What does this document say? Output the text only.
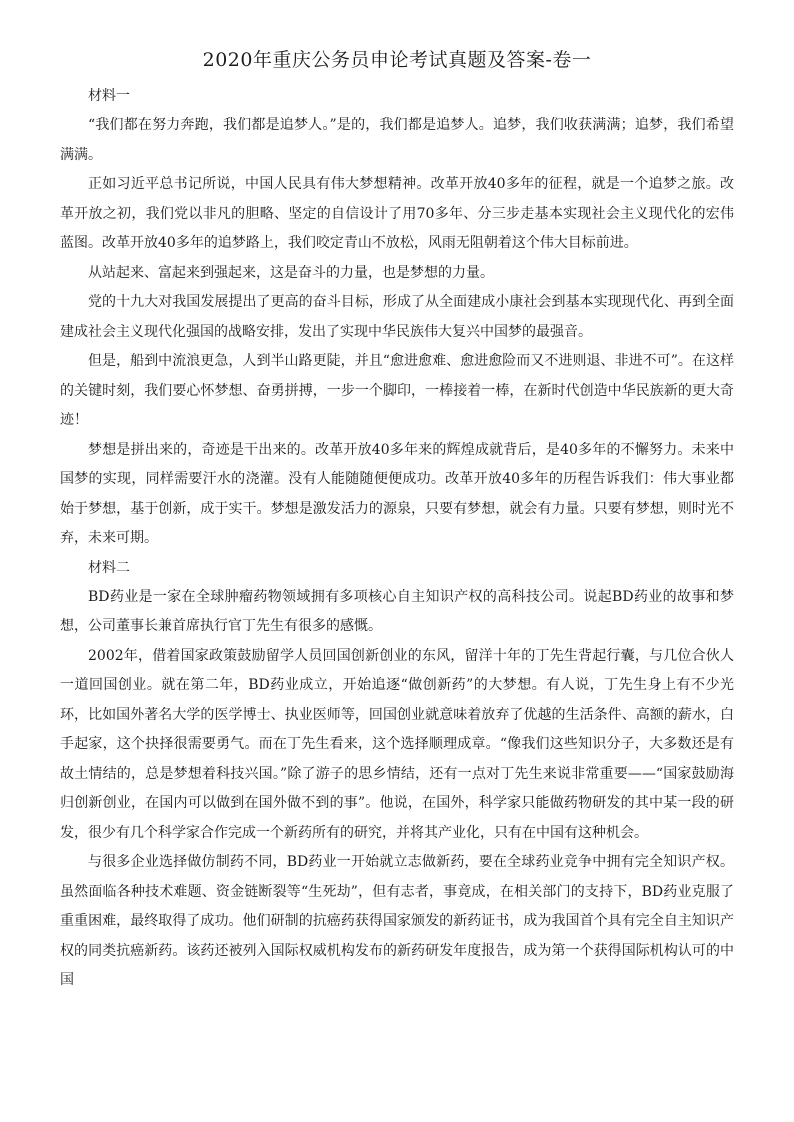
2020年重庆公务员申论考试真题及答案-卷一

材料一

“我们都在努力奔跑，我们都是追梦人。”是的，我们都是追梦人。追梦，我们收获满满；追梦，我们希望满满。

正如习近平总书记所说，中国人民具有伟大梦想精神。改革开放40多年的征程，就是一个追梦之旅。改革开放之初，我们党以非凡的胆略、坚定的自信设计了用70多年、分三步走基本实现社会主义现代化的宏伟蓝图。改革开放40多年的追梦路上，我们咬定青山不放松，风雨无阻朝着这个伟大目标前进。

从站起来、富起来到强起来，这是奋斗的力量，也是梦想的力量。

党的十九大对我国发展提出了更高的奋斗目标，形成了从全面建成小康社会到基本实现现代化、再到全面建成社会主义现代化强国的战略安排，发出了实现中华民族伟大复兴中国梦的最强音。

但是，船到中流浪更急，人到半山路更陡，并且“愈进愈难、愈进愈险而又不进则退、非进不可”。在这样的关键时刻，我们要心怀梦想、奋勇拼搏，一步一个脚印，一棒接着一棒，在新时代创造中华民族新的更大奇迹！

梦想是拼出来的，奇迹是干出来的。改革开放40多年来的辉煌成就背后，是40多年的不懈努力。未来中国梦的实现，同样需要汗水的浇灌。没有人能随随便便成功。改革开放40多年的历程告诉我们：伟大事业都始于梦想，基于创新，成于实干。梦想是激发活力的源泉，只要有梦想，就会有力量。只要有梦想，则时光不弃，未来可期。

材料二

BD药业是一家在全球肿瘤药物领域拥有多项核心自主知识产权的高科技公司。说起BD药业的故事和梦想，公司董事长兼首席执行官丁先生有很多的感慨。

2002年，借着国家政策鼓励留学人员回国创新创业的东风，留洋十年的丁先生背起行囊，与几位合伙人一道回国创业。就在第二年，BD药业成立，开始追逐“做创新药”的大梦想。有人说，丁先生身上有不少光环，比如国外著名大学的医学博士、执业医师等，回国创业就意味着放弃了优越的生活条件、高额的薪水，白手起家，这个抉择很需要勇气。而在丁先生看来，这个选择顺理成章。“像我们这些知识分子，大多数还是有故土情结的，总是梦想着科技兴国。”除了游子的思乡情结，还有一点对丁先生来说非常重要——“国家鼓励海归创新创业，在国内可以做到在国外做不到的事”。他说，在国外，科学家只能做药物研发的其中某一段的研发，很少有几个科学家合作完成一个新药所有的研究，并将其产业化，只有在中国有这种机会。

与很多企业选择做仿制药不同，BD药业一开始就立志做新药，要在全球药业竞争中拥有完全知识产权。虽然面临各种技术难题、资金链断裂等“生死劫”，但有志者，事竟成，在相关部门的支持下，BD药业克服了重重困难，最终取得了成功。他们研制的抗癌药获得国家颁发的新药证书，成为我国首个具有完全自主知识产权的同类抗癌新药。该药还被列入国际权威机构发布的新药研发年度报告，成为第一个获得国际机构认可的中国
